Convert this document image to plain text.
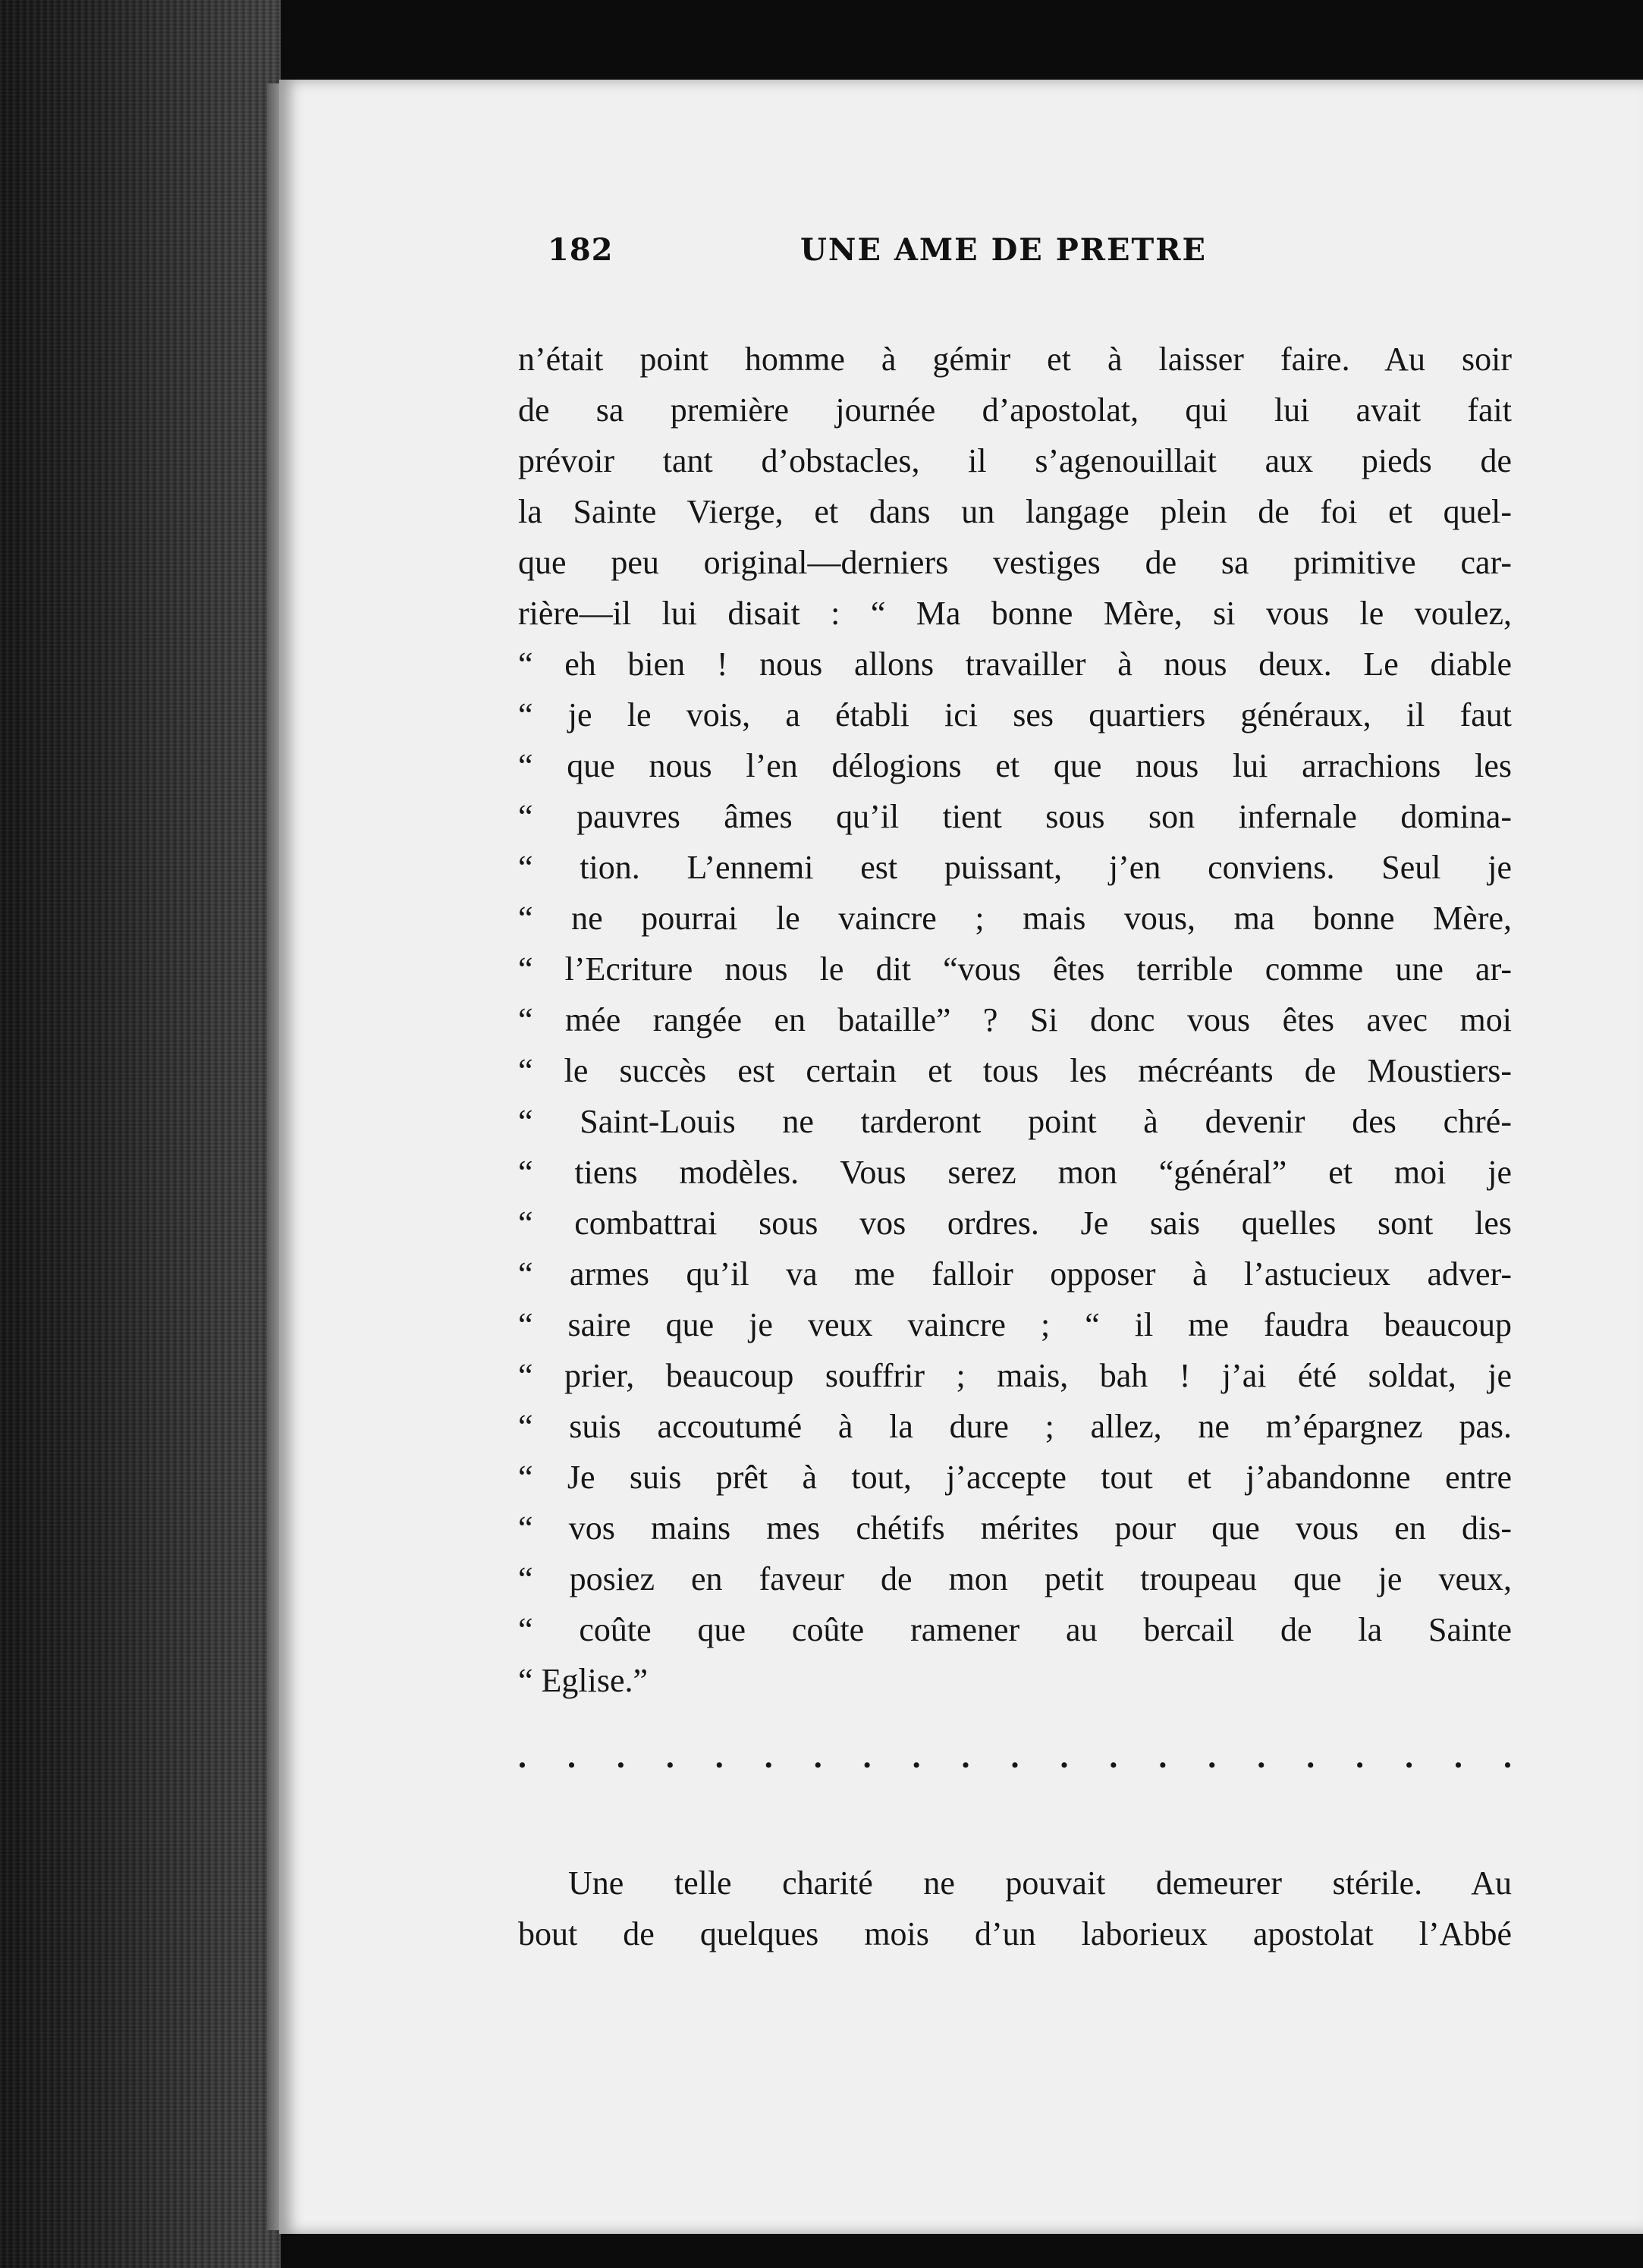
182	UNE AME DE PRETRE
n’était point homme à gémir et à laisser faire. Au soir
de sa première journée d’apostolat, qui lui avait fait
prévoir tant d’obstacles, il s’agenouillait aux pieds de
la Sainte Vierge, et dans un langage plein de foi et quel-
que peu original—derniers vestiges de sa primitive car-
rière—il lui disait : “ Ma bonne Mère, si vous le voulez,
“ eh bien ! nous allons travailler à nous deux. Le diable
“ je le vois, a établi ici ses quartiers généraux, il faut
“ que nous l’en délogions et que nous lui arrachions les
“ pauvres âmes qu’il tient sous son infernale domina-
“ tion. L’ennemi est puissant, j’en conviens. Seul je
“ ne pourrai le vaincre ; mais vous, ma bonne Mère,
“ l’Ecriture nous le dit “vous êtes terrible comme une ar-
“ mée rangée en bataille” ? Si donc vous êtes avec moi
“ le succès est certain et tous les mécréants de Moustiers-
“ Saint-Louis ne tarderont point à devenir des chré-
“ tiens modèles. Vous serez mon “général” et moi je
“ combattrai sous vos ordres. Je sais quelles sont les
“ armes qu’il va me falloir opposer à l’astucieux adver-
“ saire que je veux vaincre ; “ il me faudra beaucoup
“ prier, beaucoup souffrir ; mais, bah ! j’ai été soldat, je
“ suis accoutumé à la dure ; allez, ne m’épargnez pas.
“ Je suis prêt à tout, j’accepte tout et j’abandonne entre
“ vos mains mes chétifs mérites pour que vous en dis-
“ posiez en faveur de mon petit troupeau que je veux,
“ coûte que coûte ramener au bercail de la Sainte
“ Eglise.”
. . . . . . . . . . . . . . . . . . . . .
Une telle charité ne pouvait demeurer stérile. Au
bout de quelques mois d’un laborieux apostolat l’Abbé
